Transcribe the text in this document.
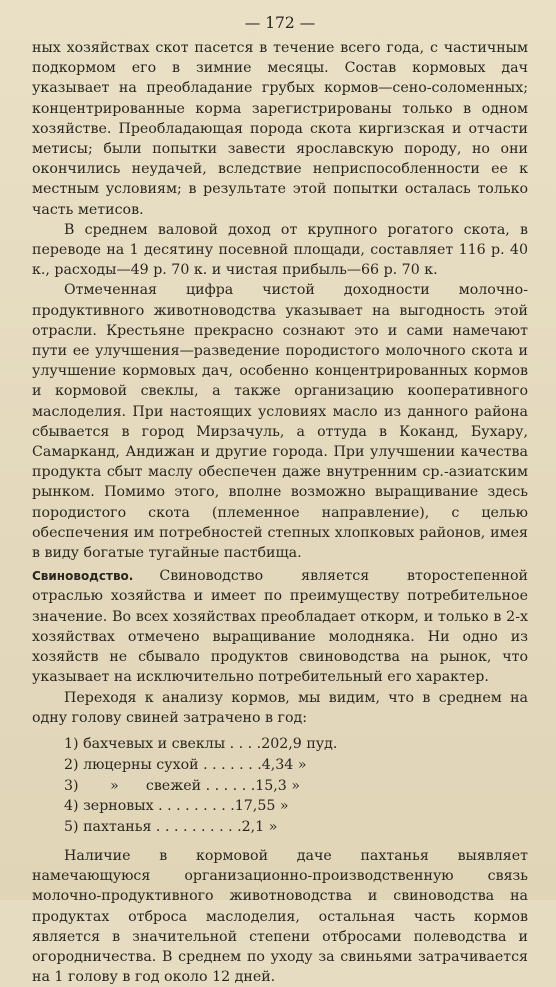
— 172 —

ных хозяйствах скот пасется в течение всего года, с частичным подкормом его в зимние месяцы. Состав кормовых дач указывает на преобладание грубых кормов—сено-соломенных; концентрированные корма зарегистрированы только в одном хозяйстве. Преобладающая порода скота киргизская и отчасти метисы; были попытки завести ярославскую породу, но они окончились неудачей, вследствие неприспособленности ее к местным условиям; в результате этой попытки осталась только часть метисов.

В среднем валовой доход от крупного рогатого скота, в переводе на 1 десятину посевной площади, составляет 116 р. 40 к., расходы—49 р. 70 к. и чистая прибыль—66 р. 70 к.

Отмеченная цифра чистой доходности молочно-продуктивного животноводства указывает на выгодность этой отрасли. Крестьяне прекрасно сознают это и сами намечают пути ее улучшения—разведение породистого молочного скота и улучшение кормовых дач, особенно концентрированных кормов и кормовой свеклы, а также организацию кооперативного маслоделия. При настоящих условиях масло из данного района сбывается в город Мирзачуль, а оттуда в Коканд, Бухару, Самарканд, Андижан и другие города. При улучшении качества продукта сбыт маслу обеспечен даже внутренним ср.-азиатским рынком. Помимо этого, вполне возможно выращивание здесь породистого скота (племенное направление), с целью обеспечения им потребностей степных хлопковых районов, имея в виду богатые тугайные пастбища.

Свиноводство. Свиноводство является второстепенной отраслью хозяйства и имеет по преимуществу потребительное значение. Во всех хозяйствах преобладает откорм, и только в 2-х хозяйствах отмечено выращивание молодняка. Ни одно из хозяйств не сбывало продуктов свиноводства на рынок, что указывает на исключительно потребительный его характер.

Переходя к анализу кормов, мы видим, что в среднем на одну голову свиней затрачено в год:

1) бахчевых и свеклы . . . .202,9 пуд.
2) люцерны сухой . . . . . . .4,34 »
3)       »      свежей . . . . . .15,3 »
4) зерновых . . . . . . . . .17,55 »
5) пахтанья . . . . . . . . . .2,1 »

Наличие в кормовой даче пахтанья выявляет намечающуюся организационно-производственную связь молочно-продуктивного животноводства и свиноводства на продуктах отброса маслоделия, остальная часть кормов является в значительной степени отбросами полеводства и огородничества. В среднем по уходу за свиньями затрачивается на 1 голову в год около 12 дней.
